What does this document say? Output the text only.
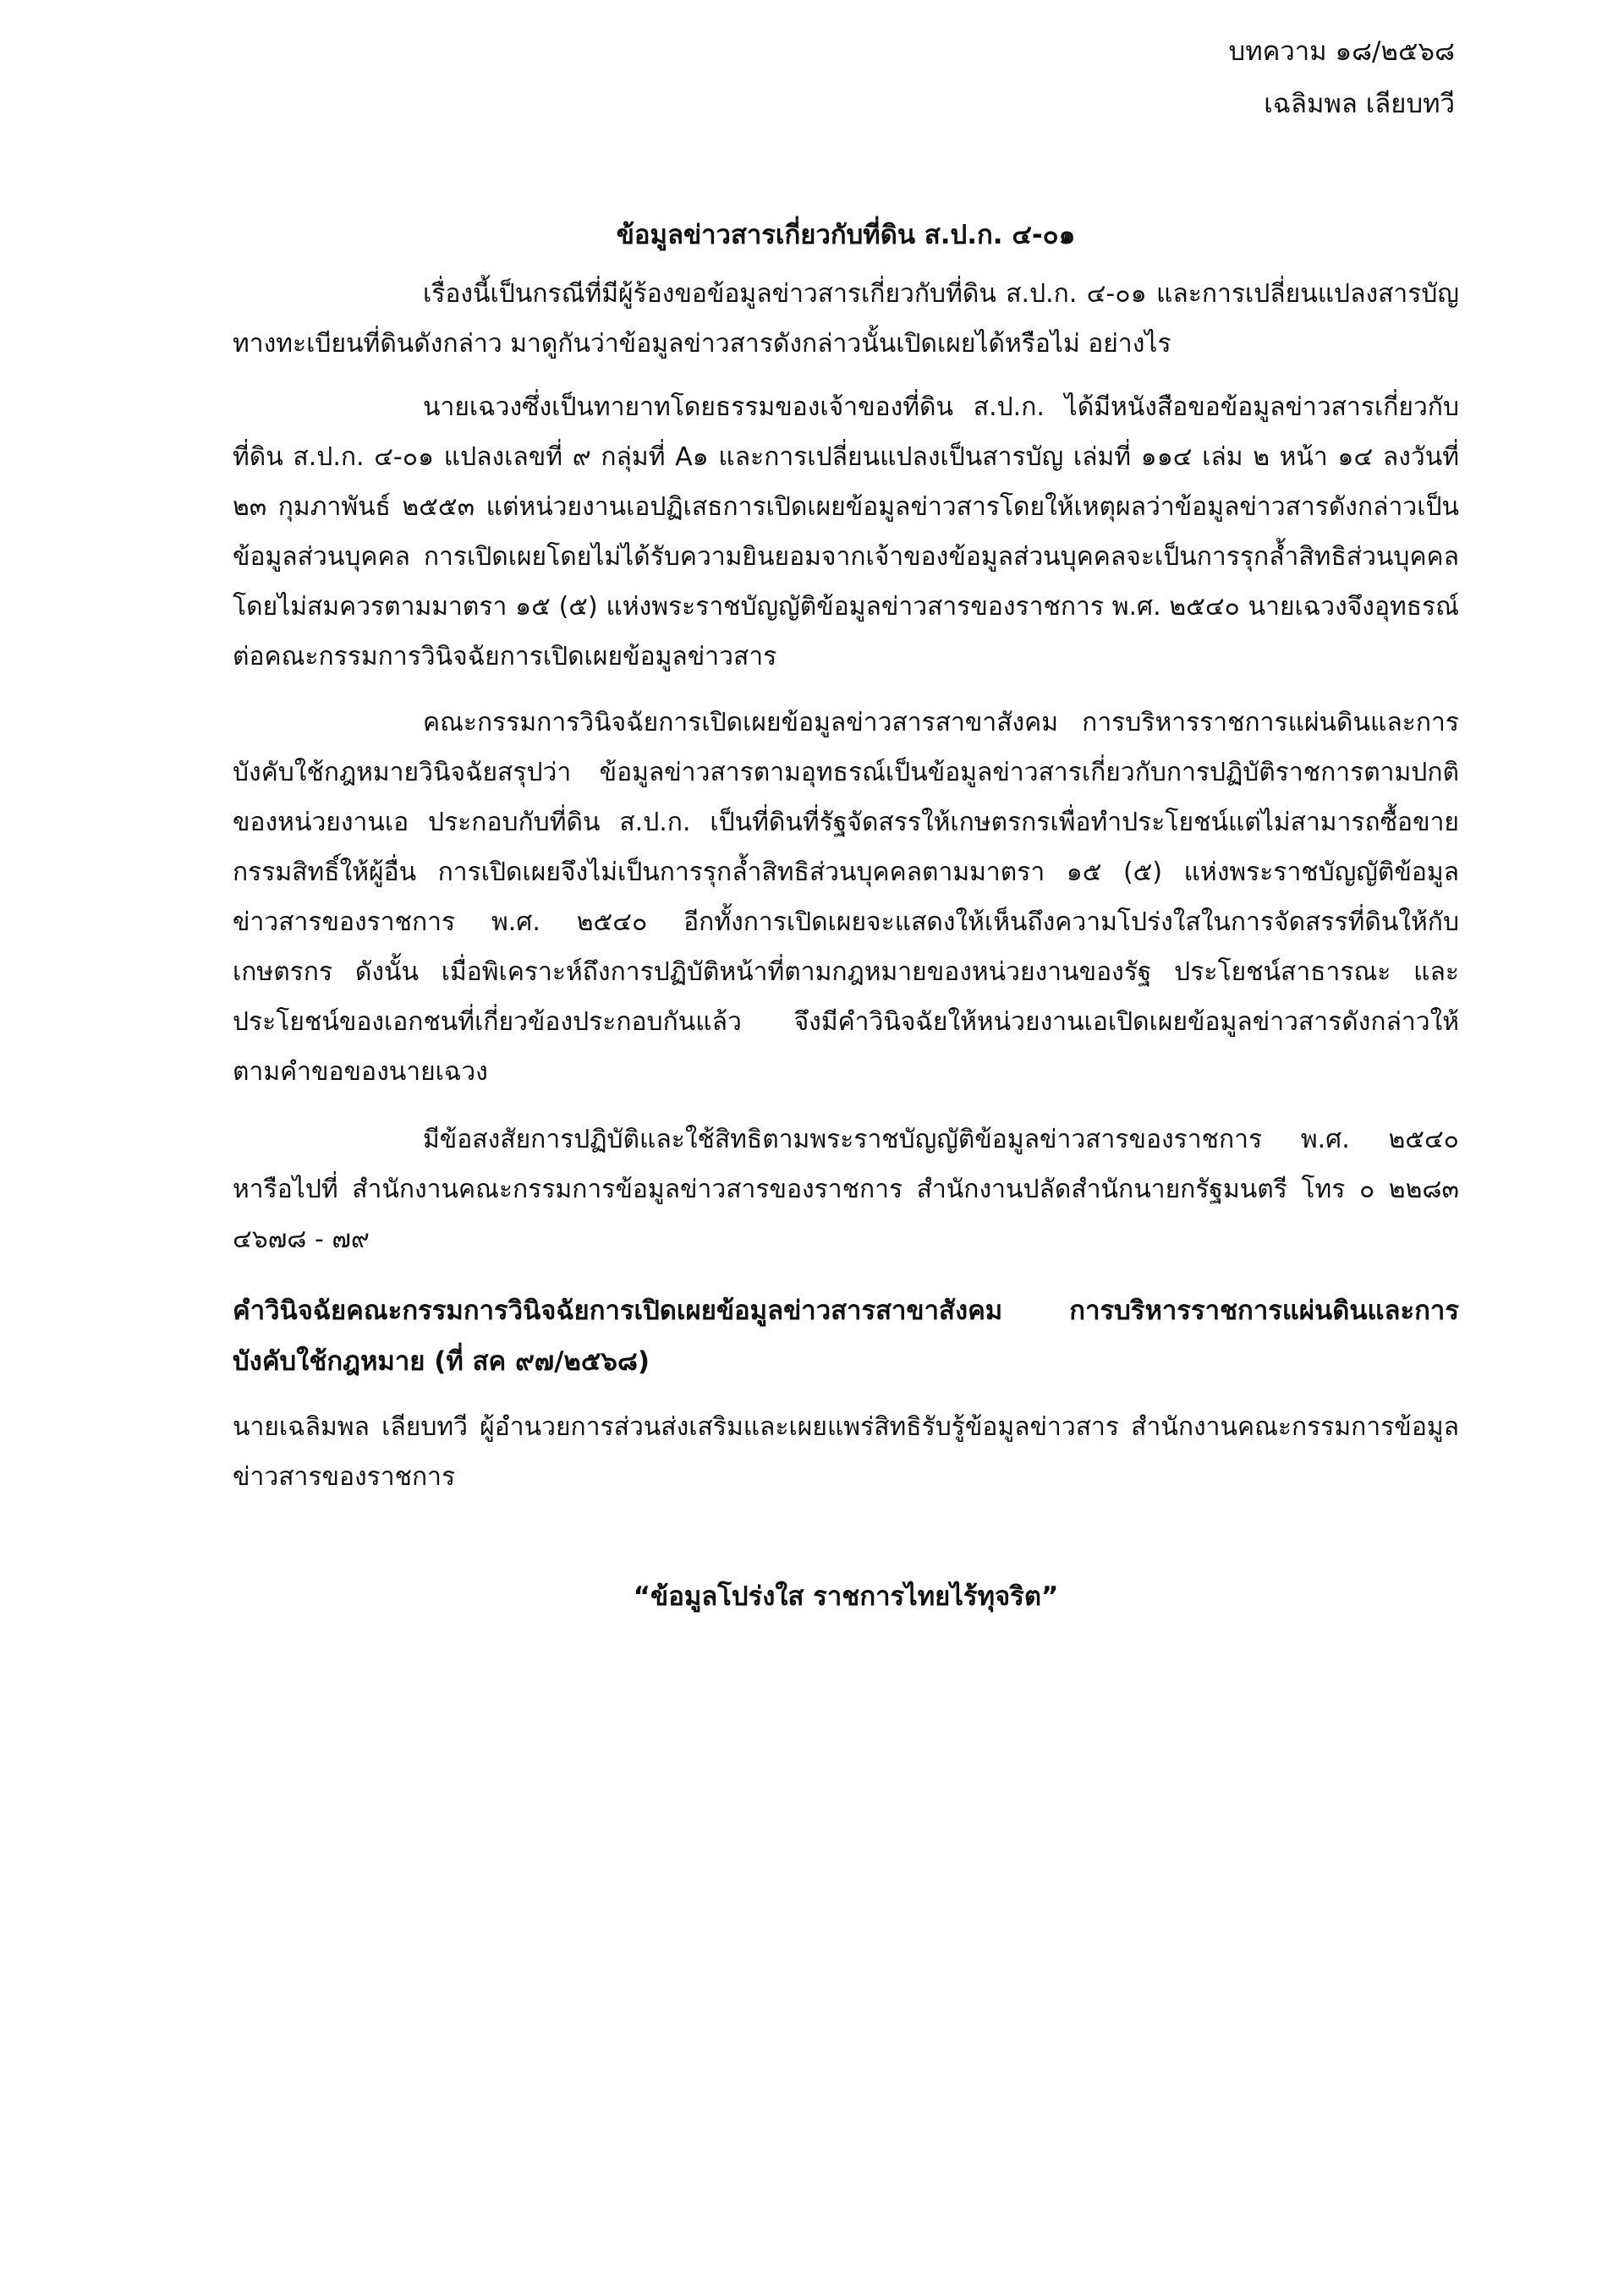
บทความ ๑๘/๒๕๖๘
เฉลิมพล เลียบทวี
ข้อมูลข่าวสารเกี่ยวกับที่ดิน ส.ป.ก. ๔-๐๑

เรื่องนี้เป็นกรณีที่มีผู้ร้องขอข้อมูลข่าวสารเกี่ยวกับที่ดิน ส.ป.ก. ๔-๐๑ และการเปลี่ยนแปลงสารบัญทางทะเบียนที่ดินดังกล่าว มาดูกันว่าข้อมูลข่าวสารดังกล่าวนั้นเปิดเผยได้หรือไม่ อย่างไร

นายเฉวงซึ่งเป็นทายาทโดยธรรมของเจ้าของที่ดิน ส.ป.ก. ได้มีหนังสือขอข้อมูลข่าวสารเกี่ยวกับที่ดิน ส.ป.ก. ๔-๐๑ แปลงเลขที่ ๙ กลุ่มที่ A๑ และการเปลี่ยนแปลงเป็นสารบัญ เล่มที่ ๑๑๔ เล่ม ๒ หน้า ๑๔ ลงวันที่ ๒๓ กุมภาพันธ์ ๒๕๕๓ แต่หน่วยงานเอปฏิเสธการเปิดเผยข้อมูลข่าวสารโดยให้เหตุผลว่าข้อมูลข่าวสารดังกล่าวเป็นข้อมูลส่วนบุคคล การเปิดเผยโดยไม่ได้รับความยินยอมจากเจ้าของข้อมูลส่วนบุคคลจะเป็นการรุกล้ำสิทธิส่วนบุคคลโดยไม่สมควรตามมาตรา ๑๕ (๕) แห่งพระราชบัญญัติข้อมูลข่าวสารของราชการ พ.ศ. ๒๕๔๐ นายเฉวงจึงอุทธรณ์ต่อคณะกรรมการวินิจฉัยการเปิดเผยข้อมูลข่าวสาร

คณะกรรมการวินิจฉัยการเปิดเผยข้อมูลข่าวสารสาขาสังคม การบริหารราชการแผ่นดินและการบังคับใช้กฎหมายวินิจฉัยสรุปว่า ข้อมูลข่าวสารตามอุทธรณ์เป็นข้อมูลข่าวสารเกี่ยวกับการปฏิบัติราชการตามปกติของหน่วยงานเอ ประกอบกับที่ดิน ส.ป.ก. เป็นที่ดินที่รัฐจัดสรรให้เกษตรกรเพื่อทำประโยชน์แต่ไม่สามารถซื้อขายกรรมสิทธิ์ให้ผู้อื่น การเปิดเผยจึงไม่เป็นการรุกล้ำสิทธิส่วนบุคคลตามมาตรา ๑๕ (๕) แห่งพระราชบัญญัติข้อมูลข่าวสารของราชการ พ.ศ. ๒๕๔๐ อีกทั้งการเปิดเผยจะแสดงให้เห็นถึงความโปร่งใสในการจัดสรรที่ดินให้กับเกษตรกร ดังนั้น เมื่อพิเคราะห์ถึงการปฏิบัติหน้าที่ตามกฎหมายของหน่วยงานของรัฐ ประโยชน์สาธารณะ และประโยชน์ของเอกชนที่เกี่ยวข้องประกอบกันแล้ว จึงมีคำวินิจฉัยให้หน่วยงานเอเปิดเผยข้อมูลข่าวสารดังกล่าวให้ตามคำขอของนายเฉวง

มีข้อสงสัยการปฏิบัติและใช้สิทธิตามพระราชบัญญัติข้อมูลข่าวสารของราชการ พ.ศ. ๒๕๔๐ หารือไปที่ สำนักงานคณะกรรมการข้อมูลข่าวสารของราชการ สำนักงานปลัดสำนักนายกรัฐมนตรี โทร ๐ ๒๒๘๓ ๔๖๗๘ - ๗๙

คำวินิจฉัยคณะกรรมการวินิจฉัยการเปิดเผยข้อมูลข่าวสารสาขาสังคม การบริหารราชการแผ่นดินและการบังคับใช้กฎหมาย (ที่ สค ๙๗/๒๕๖๘)
นายเฉลิมพล เลียบทวี ผู้อำนวยการส่วนส่งเสริมและเผยแพร่สิทธิรับรู้ข้อมูลข่าวสาร สำนักงานคณะกรรมการข้อมูลข่าวสารของราชการ
“ข้อมูลโปร่งใส ราชการไทยไร้ทุจริต”
